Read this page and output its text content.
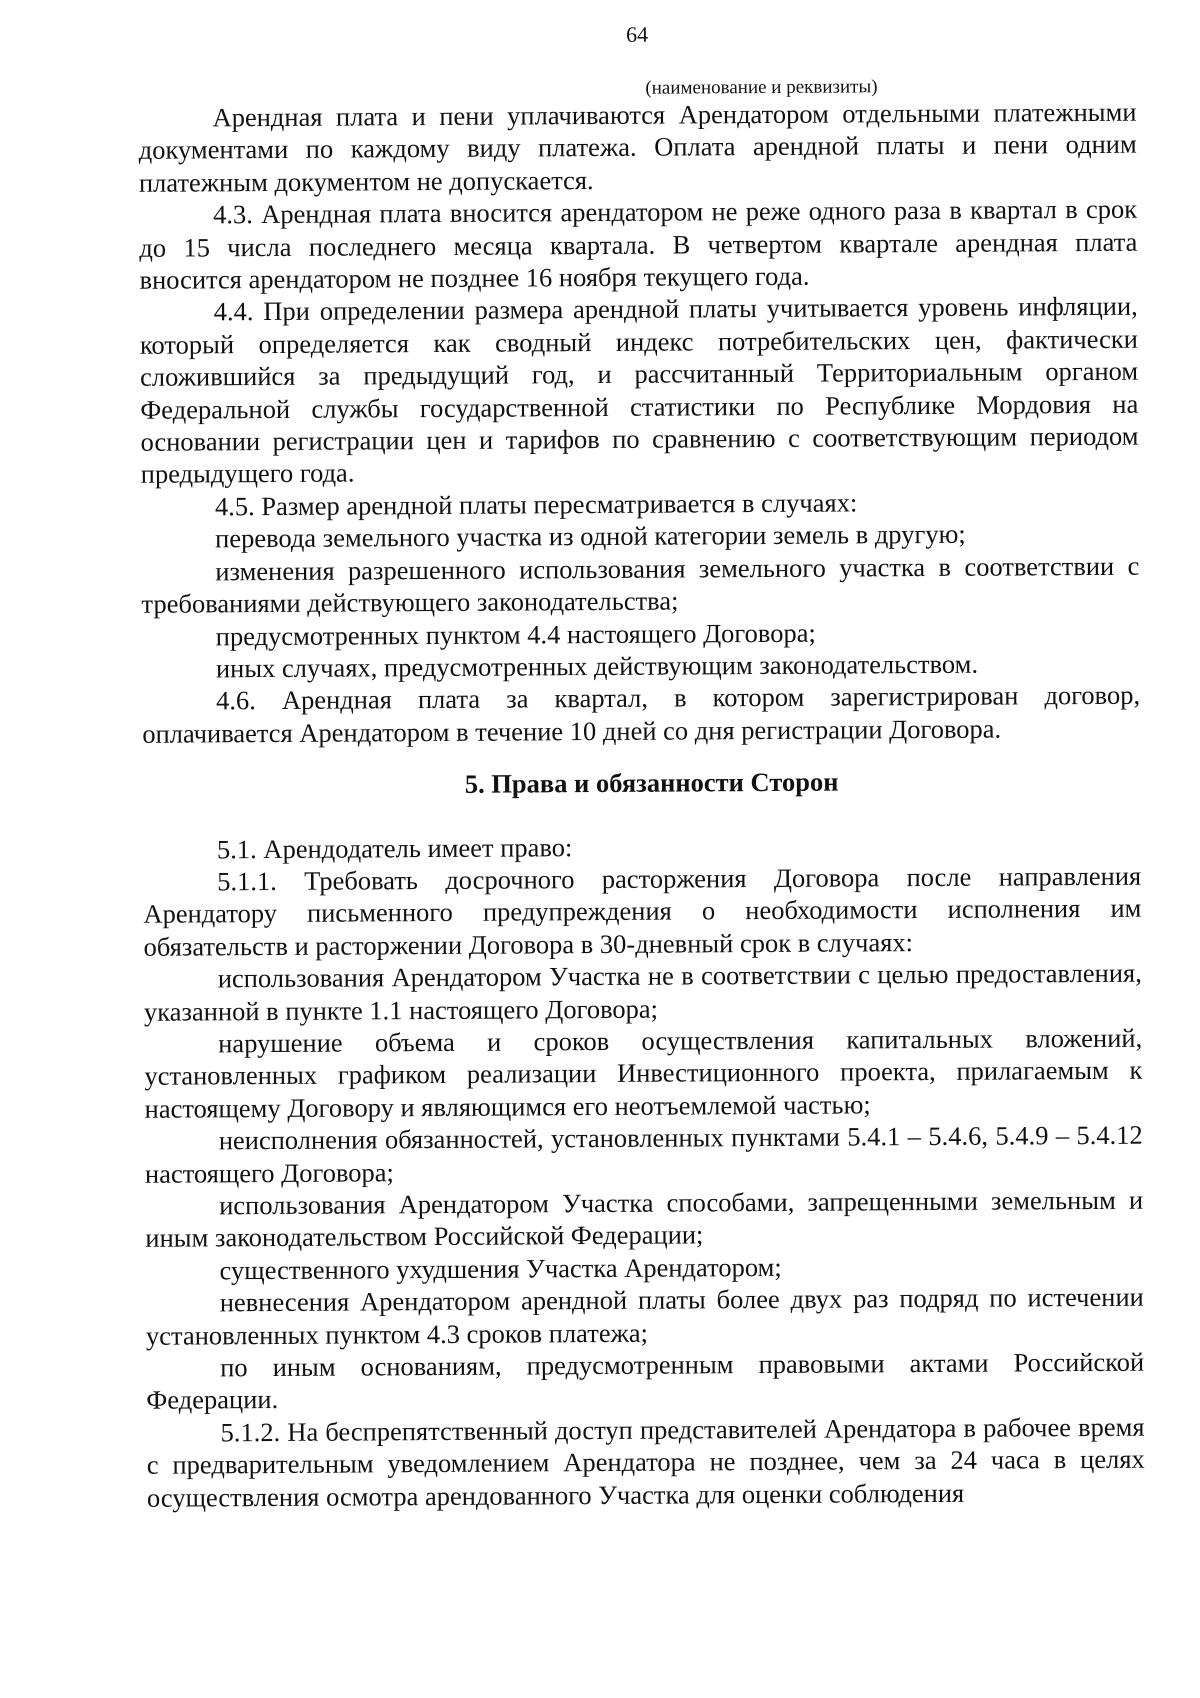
64
(наименование и реквизиты)

Арендная плата и пени уплачиваются Арендатором отдельными платежными документами по каждому виду платежа. Оплата арендной платы и пени одним платежным документом не допускается.

4.3. Арендная плата вносится арендатором не реже одного раза в квартал в срок до 15 числа последнего месяца квартала. В четвертом квартале арендная плата вносится арендатором не позднее 16 ноября текущего года.

4.4. При определении размера арендной платы учитывается уровень инфляции, который определяется как сводный индекс потребительских цен, фактически сложившийся за предыдущий год, и рассчитанный Территориальным органом Федеральной службы государственной статистики по Республике Мордовия на основании регистрации цен и тарифов по сравнению с соответствующим периодом предыдущего года.

4.5. Размер арендной платы пересматривается в случаях:

перевода земельного участка из одной категории земель в другую;

изменения разрешенного использования земельного участка в соответствии с требованиями действующего законодательства;

предусмотренных пунктом 4.4 настоящего Договора;

иных случаях, предусмотренных действующим законодательством.

4.6. Арендная плата за квартал, в котором зарегистрирован договор, оплачивается Арендатором в течение 10 дней со дня регистрации Договора.

5. Права и обязанности Сторон

5.1. Арендодатель имеет право:

5.1.1. Требовать досрочного расторжения Договора после направления Арендатору письменного предупреждения о необходимости исполнения им обязательств и расторжении Договора в 30-дневный срок в случаях:

использования Арендатором Участка не в соответствии с целью предоставления, указанной в пункте 1.1 настоящего Договора;

нарушение объема и сроков осуществления капитальных вложений, установленных графиком реализации Инвестиционного проекта, прилагаемым к настоящему Договору и являющимся его неотъемлемой частью;

неисполнения обязанностей, установленных пунктами 5.4.1 – 5.4.6, 5.4.9 – 5.4.12 настоящего Договора;

использования Арендатором Участка способами, запрещенными земельным и иным законодательством Российской Федерации;

существенного ухудшения Участка Арендатором;

невнесения Арендатором арендной платы более двух раз подряд по истечении установленных пунктом 4.3 сроков платежа;

по иным основаниям, предусмотренным правовыми актами Российской Федерации.

5.1.2. На беспрепятственный доступ представителей Арендатора в рабочее время с предварительным уведомлением Арендатора не позднее, чем за 24 часа в целях осуществления осмотра арендованного Участка для оценки соблюдения
